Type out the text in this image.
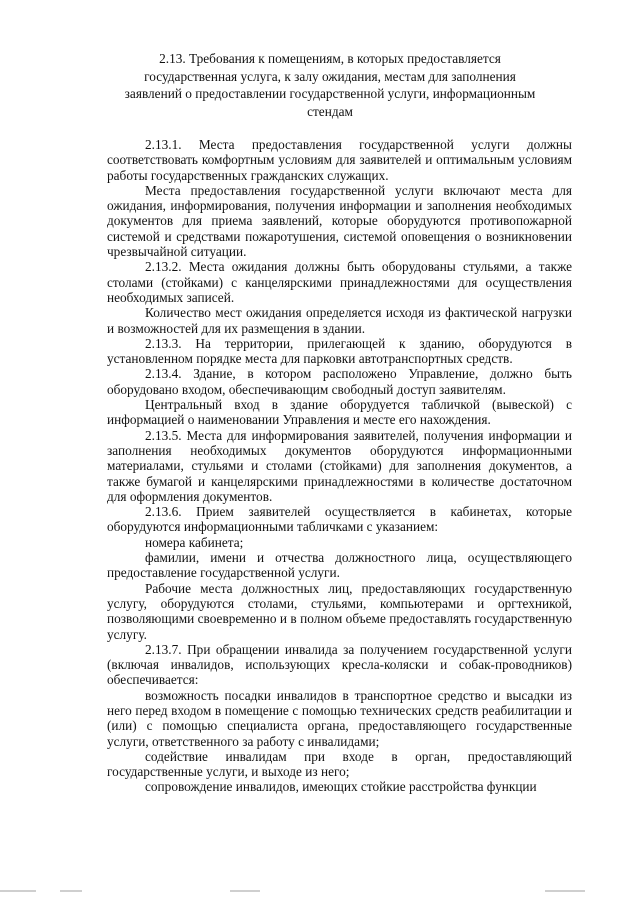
2.13. Требования к помещениям, в которых предоставляется
государственная услуга, к залу ожидания, местам для заполнения
заявлений о предоставлении государственной услуги, информационным
стендам

2.13.1. Места предоставления государственной услуги должны соответствовать комфортным условиям для заявителей и оптимальным условиям работы государственных гражданских служащих.

Места предоставления государственной услуги включают места для ожидания, информирования, получения информации и заполнения необходимых документов для приема заявлений, которые оборудуются противопожарной системой и средствами пожаротушения, системой оповещения о возникновении чрезвычайной ситуации.

2.13.2. Места ожидания должны быть оборудованы стульями, а также столами (стойками) с канцелярскими принадлежностями для осуществления необходимых записей.

Количество мест ожидания определяется исходя из фактической нагрузки и возможностей для их размещения в здании.

2.13.3. На территории, прилегающей к зданию, оборудуются в установленном порядке места для парковки автотранспортных средств.

2.13.4. Здание, в котором расположено Управление, должно быть оборудовано входом, обеспечивающим свободный доступ заявителям.

Центральный вход в здание оборудуется табличкой (вывеской) с информацией о наименовании Управления и месте его нахождения.

2.13.5. Места для информирования заявителей, получения информации и заполнения необходимых документов оборудуются информационными материалами, стульями и столами (стойками) для заполнения документов, а также бумагой и канцелярскими принадлежностями в количестве достаточном для оформления документов.

2.13.6. Прием заявителей осуществляется в кабинетах, которые оборудуются информационными табличками с указанием:

номера кабинета;

фамилии, имени и отчества должностного лица, осуществляющего предоставление государственной услуги.

Рабочие места должностных лиц, предоставляющих государственную услугу, оборудуются столами, стульями, компьютерами и оргтехникой, позволяющими своевременно и в полном объеме предоставлять государственную услугу.

2.13.7. При обращении инвалида за получением государственной услуги (включая инвалидов, использующих кресла-коляски и собак-проводников) обеспечивается:

возможность посадки инвалидов в транспортное средство и высадки из него перед входом в помещение с помощью технических средств реабилитации и (или) с помощью специалиста органа, предоставляющего государственные услуги, ответственного за работу с инвалидами;

содействие инвалидам при входе в орган, предоставляющий государственные услуги, и выходе из него;

сопровождение инвалидов, имеющих стойкие расстройства функции
